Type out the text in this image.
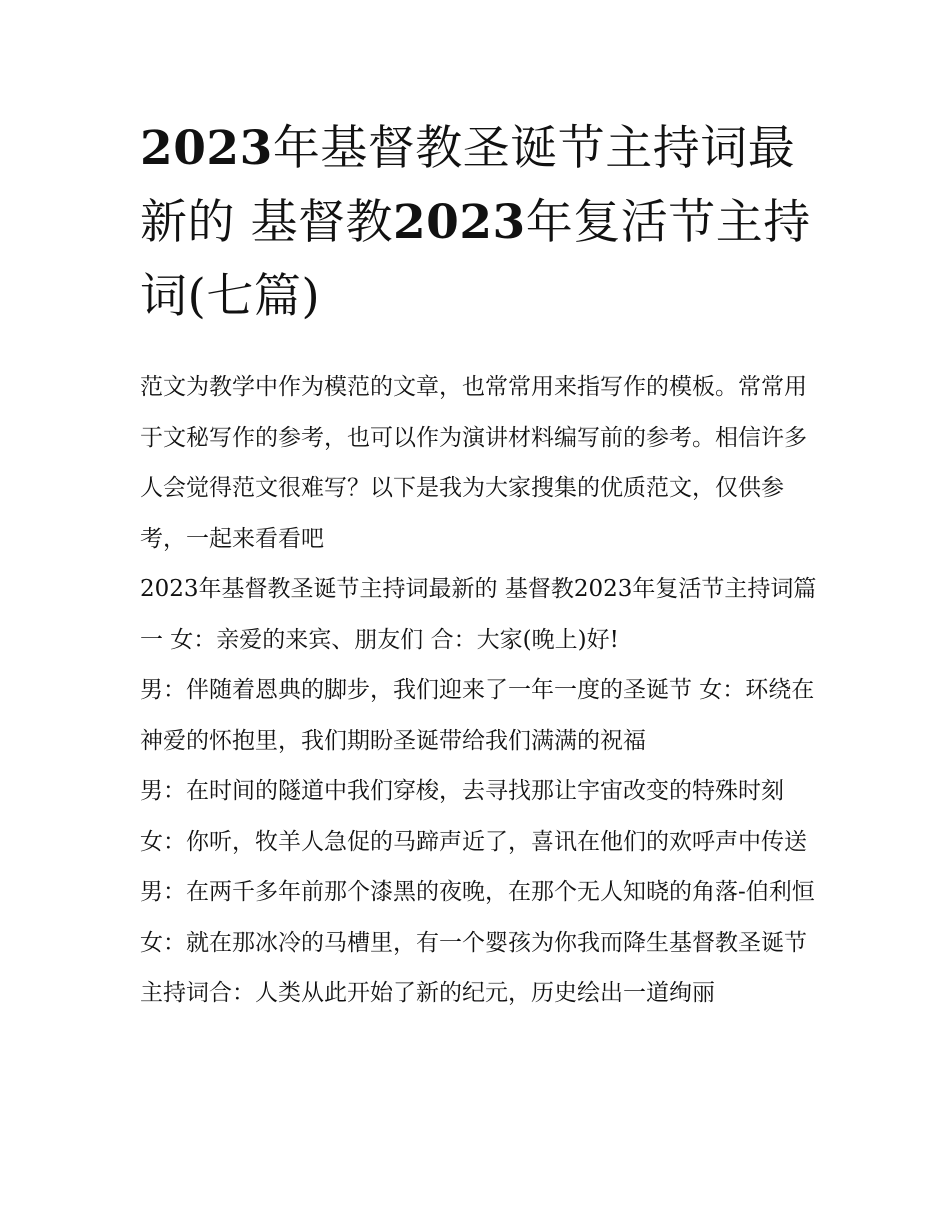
2023年基督教圣诞节主持词最新的 基督教2023年复活节主持词(七篇)

范文为教学中作为模范的文章，也常常用来指写作的模板。常常用于文秘写作的参考，也可以作为演讲材料编写前的参考。相信许多人会觉得范文很难写？以下是我为大家搜集的优质范文，仅供参考，一起来看看吧

2023年基督教圣诞节主持词最新的 基督教2023年复活节主持词篇一 女：亲爱的来宾、朋友们 合：大家(晚上)好!

男：伴随着恩典的脚步，我们迎来了一年一度的圣诞节 女：环绕在神爱的怀抱里，我们期盼圣诞带给我们满满的祝福

男：在时间的隧道中我们穿梭，去寻找那让宇宙改变的特殊时刻 女：你听，牧羊人急促的马蹄声近了，喜讯在他们的欢呼声中传送

男：在两千多年前那个漆黑的夜晚，在那个无人知晓的角落-伯利恒

女：就在那冰冷的马槽里，有一个婴孩为你我而降生基督教圣诞节主持词合：人类从此开始了新的纪元，历史绘出一道绚丽
